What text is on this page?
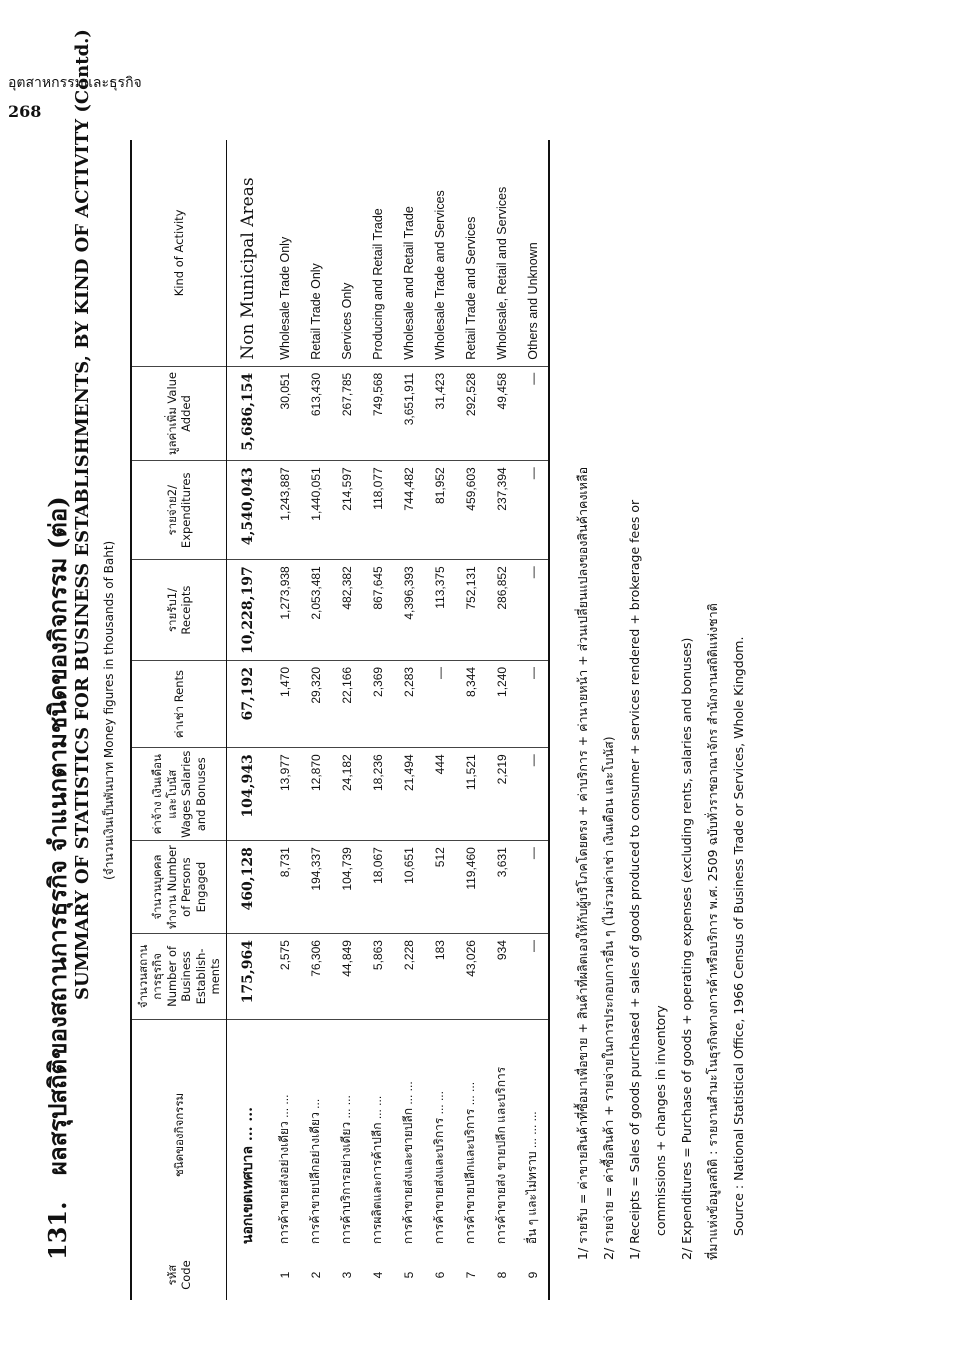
อุตสาหกรรมและธุรกิจ
268
131. ผลสรุปสถิติของสถานการธุรกิจ จำแนกตามชนิดของกิจกรรม (ต่อ) SUMMARY OF STATISTICS FOR BUSINESS ESTABLISHMENTS, BY KIND OF ACTIVITY (Contd.) (จำนวนเงินเป็นพันบาท Money figures in thousands of Baht)
รหัส Code	ชนิดของกิจกรรม	จำนวนสถานการธุรกิจ Number of Business Establish-ments	จำนวนบุคคลทำงาน Number of Persons Engaged	ค่าจ้าง เงินเดือน และโบนัส Wages Salaries and Bonuses	ค่าเช่า Rents	รายรับ1/ Receipts	รายจ่าย2/ Expenditures	มูลค่าเพิ่ม Value Added	Kind of Activity
	นอกเขตเทศบาล ... ...	175,964	460,128	104,943	67,192	10,228,197	4,540,043	5,686,154	Non Municipal Areas
1	การค้าขายส่งอย่างเดียว ... ...	2,575	8,731	13,977	1,470	1,273,938	1,243,887	30,051	Wholesale Trade Only
2	การค้าขายปลีกอย่างเดียว ...	76,306	194,337	12,870	29,320	2,053,481	1,440,051	613,430	Retail Trade Only
3	การค้าบริการอย่างเดียว ... ...	44,849	104,739	24,182	22,166	482,382	214,597	267,785	Services Only
4	การผลิตและการค้าปลีก ... ...	5,863	18,067	18,236	2,369	867,645	118,077	749,568	Producing and Retail Trade
5	การค้าขายส่งและขายปลีก ... ...	2,228	10,651	21,494	2,283	4,396,393	744,482	3,651,911	Wholesale and Retail Trade
6	การค้าขายส่งและบริการ ... ...	183	512	444	—	113,375	81,952	31,423	Wholesale Trade and Services
7	การค้าขายปลีกและบริการ ... ...	43,026	119,460	11,521	8,344	752,131	459,603	292,528	Retail Trade and Services
8	การค้าขายส่ง ขายปลีก และบริการ	934	3,631	2,219	1,240	286,852	237,394	49,458	Wholesale, Retail and Services
9	อื่น ๆ และไม่ทราบ ... ... ...	—	—	—	—	—	—	—	Others and Unknown
1/ รายรับ = ค่าขายสินค้าที่ซื้อมาเพื่อขาย + สินค้าที่ผลิตเองให้กับผู้บริโภคโดยตรง + ค่าบริการ + ค่านายหน้า + ส่วนเปลี่ยนแปลงของสินค้าคงเหลือ 2/ รายจ่าย = ค่าซื้อสินค้า + รายจ่ายในการประกอบการอื่น ๆ (ไม่รวมค่าเช่า เงินเดือน และโบนัส) 1/ Receipts = Sales of goods purchased + sales of goods produced to consumer + services rendered + brokerage fees or commissions + changes in inventory 2/ Expenditures = Purchase of goods + operating expenses (excluding rents, salaries and bonuses) ที่มาแห่งข้อมูลสถิติ : รายงานสำมะโนธุรกิจทางการค้าหรือบริการ พ.ศ. 2509 ฉบับทั่วราชอาณาจักร สำนักงานสถิติแห่งชาติ Source : National Statistical Office, 1966 Census of Business Trade or Services, Whole Kingdom.
